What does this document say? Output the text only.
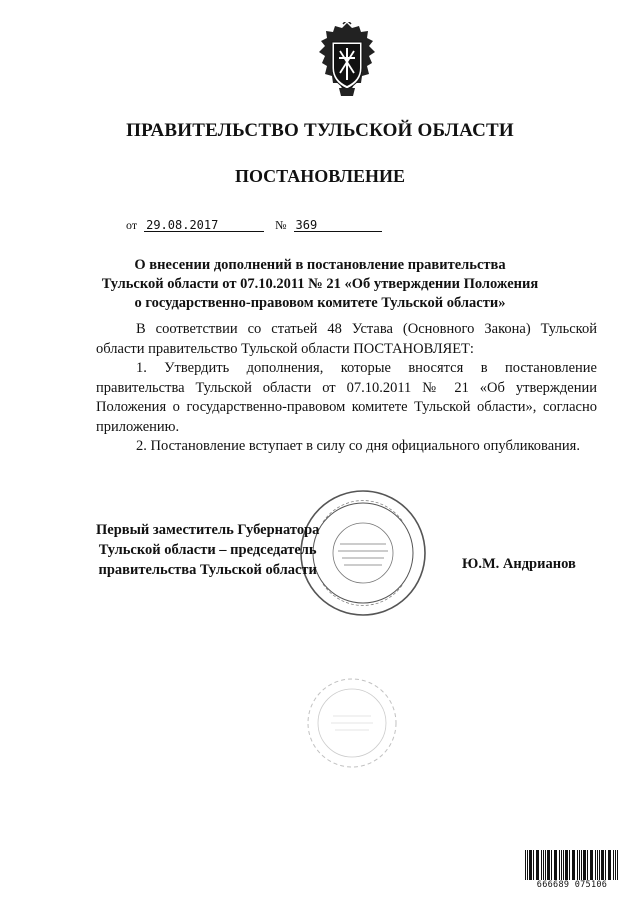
ПРАВИТЕЛЬСТВО ТУЛЬСКОЙ ОБЛАСТИ
ПОСТАНОВЛЕНИЕ
от 29.08.2017	№ 369
О внесении дополнений в постановление правительства
Тульской области от 07.10.2011 № 21 «Об утверждении Положения
о государственно-правовом комитете Тульской области»

В соответствии со статьей 48 Устава (Основного Закона) Тульской области правительство Тульской области ПОСТАНОВЛЯЕТ:

1. Утвердить дополнения, которые вносятся в постановление правительства Тульской области от 07.10.2011 № 21 «Об утверждении Положения о государственно-правовом комитете Тульской области», согласно приложению.

2. Постановление вступает в силу со дня официального опубликования.

Первый заместитель Губернатора
Тульской области – председатель
правительства Тульской области	Ю.М. Андрианов
666689 075106
